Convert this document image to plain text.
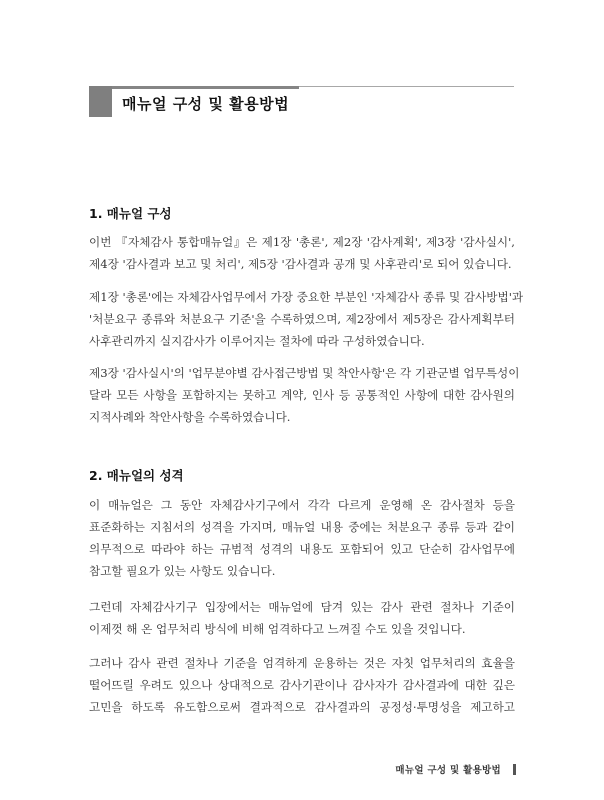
매뉴얼 구성 및 활용방법
1. 매뉴얼 구성
이번 『자체감사 통합매뉴얼』은 제1장 '총론', 제2장 '감사계획', 제3장 '감사실시',
제4장 '감사결과 보고 및 처리', 제5장 '감사결과 공개 및 사후관리'로 되어 있습니다.
제1장 '총론'에는 자체감사업무에서 가장 중요한 부분인 '자체감사 종류 및 감사방법'과
'처분요구 종류와 처분요구 기준'을 수록하였으며, 제2장에서 제5장은 감사계획부터
사후관리까지 실지감사가 이루어지는 절차에 따라 구성하였습니다.
제3장 '감사실시'의 '업무분야별 감사접근방법 및 착안사항'은 각 기관군별 업무특성이
달라 모든 사항을 포함하지는 못하고 계약, 인사 등 공통적인 사항에 대한 감사원의
지적사례와 착안사항을 수록하였습니다.
2. 매뉴얼의 성격
이 매뉴얼은 그 동안 자체감사기구에서 각각 다르게 운영해 온 감사절차 등을
표준화하는 지침서의 성격을 가지며, 매뉴얼 내용 중에는 처분요구 종류 등과 같이
의무적으로 따라야 하는 규범적 성격의 내용도 포함되어 있고 단순히 감사업무에
참고할 필요가 있는 사항도 있습니다.
그런데 자체감사기구 입장에서는 매뉴얼에 담겨 있는 감사 관련 절차나 기준이
이제껏 해 온 업무처리 방식에 비해 엄격하다고 느껴질 수도 있을 것입니다.
그러나 감사 관련 절차나 기준을 엄격하게 운용하는 것은 자칫 업무처리의 효율을
떨어뜨릴 우려도 있으나 상대적으로 감사기관이나 감사자가 감사결과에 대한 깊은
고민을 하도록 유도함으로써 결과적으로 감사결과의 공정성·투명성을 제고하고
매뉴얼 구성 및 활용방법
